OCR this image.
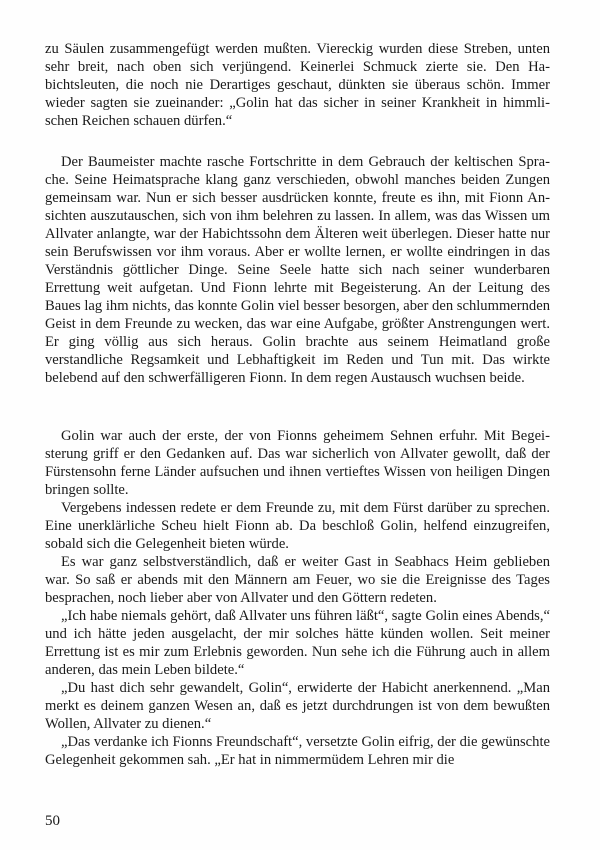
zu Säulen zusammengefügt werden mußten. Viereckig wurden diese Streben, unten sehr breit, nach oben sich verjüngend. Keinerlei Schmuck zierte sie. Den Habichtsleuten, die noch nie Derartiges geschaut, dünkten sie überaus schön. Immer wieder sagten sie zueinander: „Golin hat das sicher in seiner Krankheit in himmlischen Reichen schauen dürfen.“

Der Baumeister machte rasche Fortschritte in dem Gebrauch der keltischen Sprache. Seine Heimatsprache klang ganz verschieden, obwohl manches beiden Zungen gemeinsam war. Nun er sich besser ausdrücken konnte, freute es ihn, mit Fionn Ansichten auszutauschen, sich von ihm belehren zu lassen. In allem, was das Wissen um Allvater anlangte, war der Habichtssohn dem Älteren weit überlegen. Dieser hatte nur sein Berufswissen vor ihm voraus. Aber er wollte lernen, er wollte eindringen in das Verständnis göttlicher Dinge. Seine Seele hatte sich nach seiner wunderbaren Errettung weit aufgetan. Und Fionn lehrte mit Begeisterung. An der Leitung des Baues lag ihm nichts, das konnte Golin viel besser besorgen, aber den schlummernden Geist in dem Freunde zu wecken, das war eine Aufgabe, größter Anstrengungen wert. Er ging völlig aus sich heraus. Golin brachte aus seinem Heimatland große verstandliche Regsamkeit und Lebhaftigkeit im Reden und Tun mit. Das wirkte belebend auf den schwerfälligeren Fionn. In dem regen Austausch wuchsen beide.

Golin war auch der erste, der von Fionns geheimem Sehnen erfuhr. Mit Begeisterung griff er den Gedanken auf. Das war sicherlich von Allvater gewollt, daß der Fürstensohn ferne Länder aufsuchen und ihnen vertieftes Wissen von heiligen Dingen bringen sollte.

Vergebens indessen redete er dem Freunde zu, mit dem Fürst darüber zu sprechen. Eine unerklärliche Scheu hielt Fionn ab. Da beschloß Golin, helfend einzugreifen, sobald sich die Gelegenheit bieten würde.

Es war ganz selbstverständlich, daß er weiter Gast in Seabhacs Heim geblieben war. So saß er abends mit den Männern am Feuer, wo sie die Ereignisse des Tages besprachen, noch lieber aber von Allvater und den Göttern redeten.

„Ich habe niemals gehört, daß Allvater uns führen läßt“, sagte Golin eines Abends,“ und ich hätte jeden ausgelacht, der mir solches hätte künden wollen. Seit meiner Errettung ist es mir zum Erlebnis geworden. Nun sehe ich die Führung auch in allem anderen, das mein Leben bildete.“

„Du hast dich sehr gewandelt, Golin“, erwiderte der Habicht anerkennend. „Man merkt es deinem ganzen Wesen an, daß es jetzt durchdrungen ist von dem bewußten Wollen, Allvater zu dienen.“

„Das verdanke ich Fionns Freundschaft“, versetzte Golin eifrig, der die gewünschte Gelegenheit gekommen sah. „Er hat in nimmermüdem Lehren mir die

50
